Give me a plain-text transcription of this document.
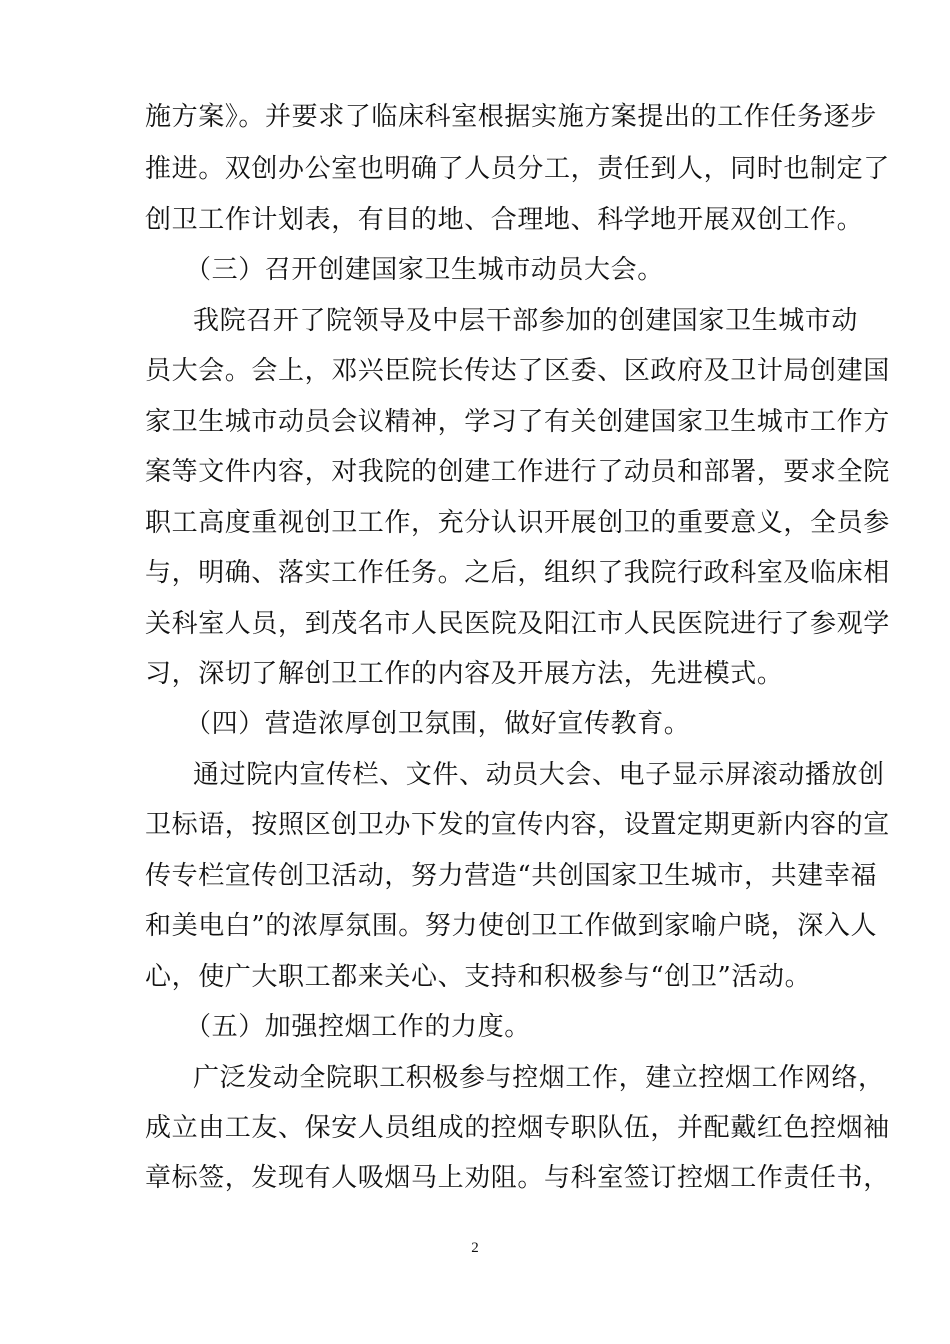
施方案》。并要求了临床科室根据实施方案提出的工作任务逐步
推进。双创办公室也明确了人员分工，责任到人，同时也制定了
创卫工作计划表，有目的地、合理地、科学地开展双创工作。
（三）召开创建国家卫生城市动员大会。
我院召开了院领导及中层干部参加的创建国家卫生城市动
员大会。会上，邓兴臣院长传达了区委、区政府及卫计局创建国
家卫生城市动员会议精神，学习了有关创建国家卫生城市工作方
案等文件内容，对我院的创建工作进行了动员和部署，要求全院
职工高度重视创卫工作，充分认识开展创卫的重要意义，全员参
与，明确、落实工作任务。之后，组织了我院行政科室及临床相
关科室人员，到茂名市人民医院及阳江市人民医院进行了参观学
习，深切了解创卫工作的内容及开展方法，先进模式。
（四）营造浓厚创卫氛围，做好宣传教育。
通过院内宣传栏、文件、动员大会、电子显示屏滚动播放创
卫标语，按照区创卫办下发的宣传内容，设置定期更新内容的宣
传专栏宣传创卫活动，努力营造“共创国家卫生城市，共建幸福
和美电白”的浓厚氛围。努力使创卫工作做到家喻户晓，深入人
心，使广大职工都来关心、支持和积极参与“创卫”活动。
（五）加强控烟工作的力度。
广泛发动全院职工积极参与控烟工作，建立控烟工作网络，
成立由工友、保安人员组成的控烟专职队伍，并配戴红色控烟袖
章标签，发现有人吸烟马上劝阻。与科室签订控烟工作责任书，
2
